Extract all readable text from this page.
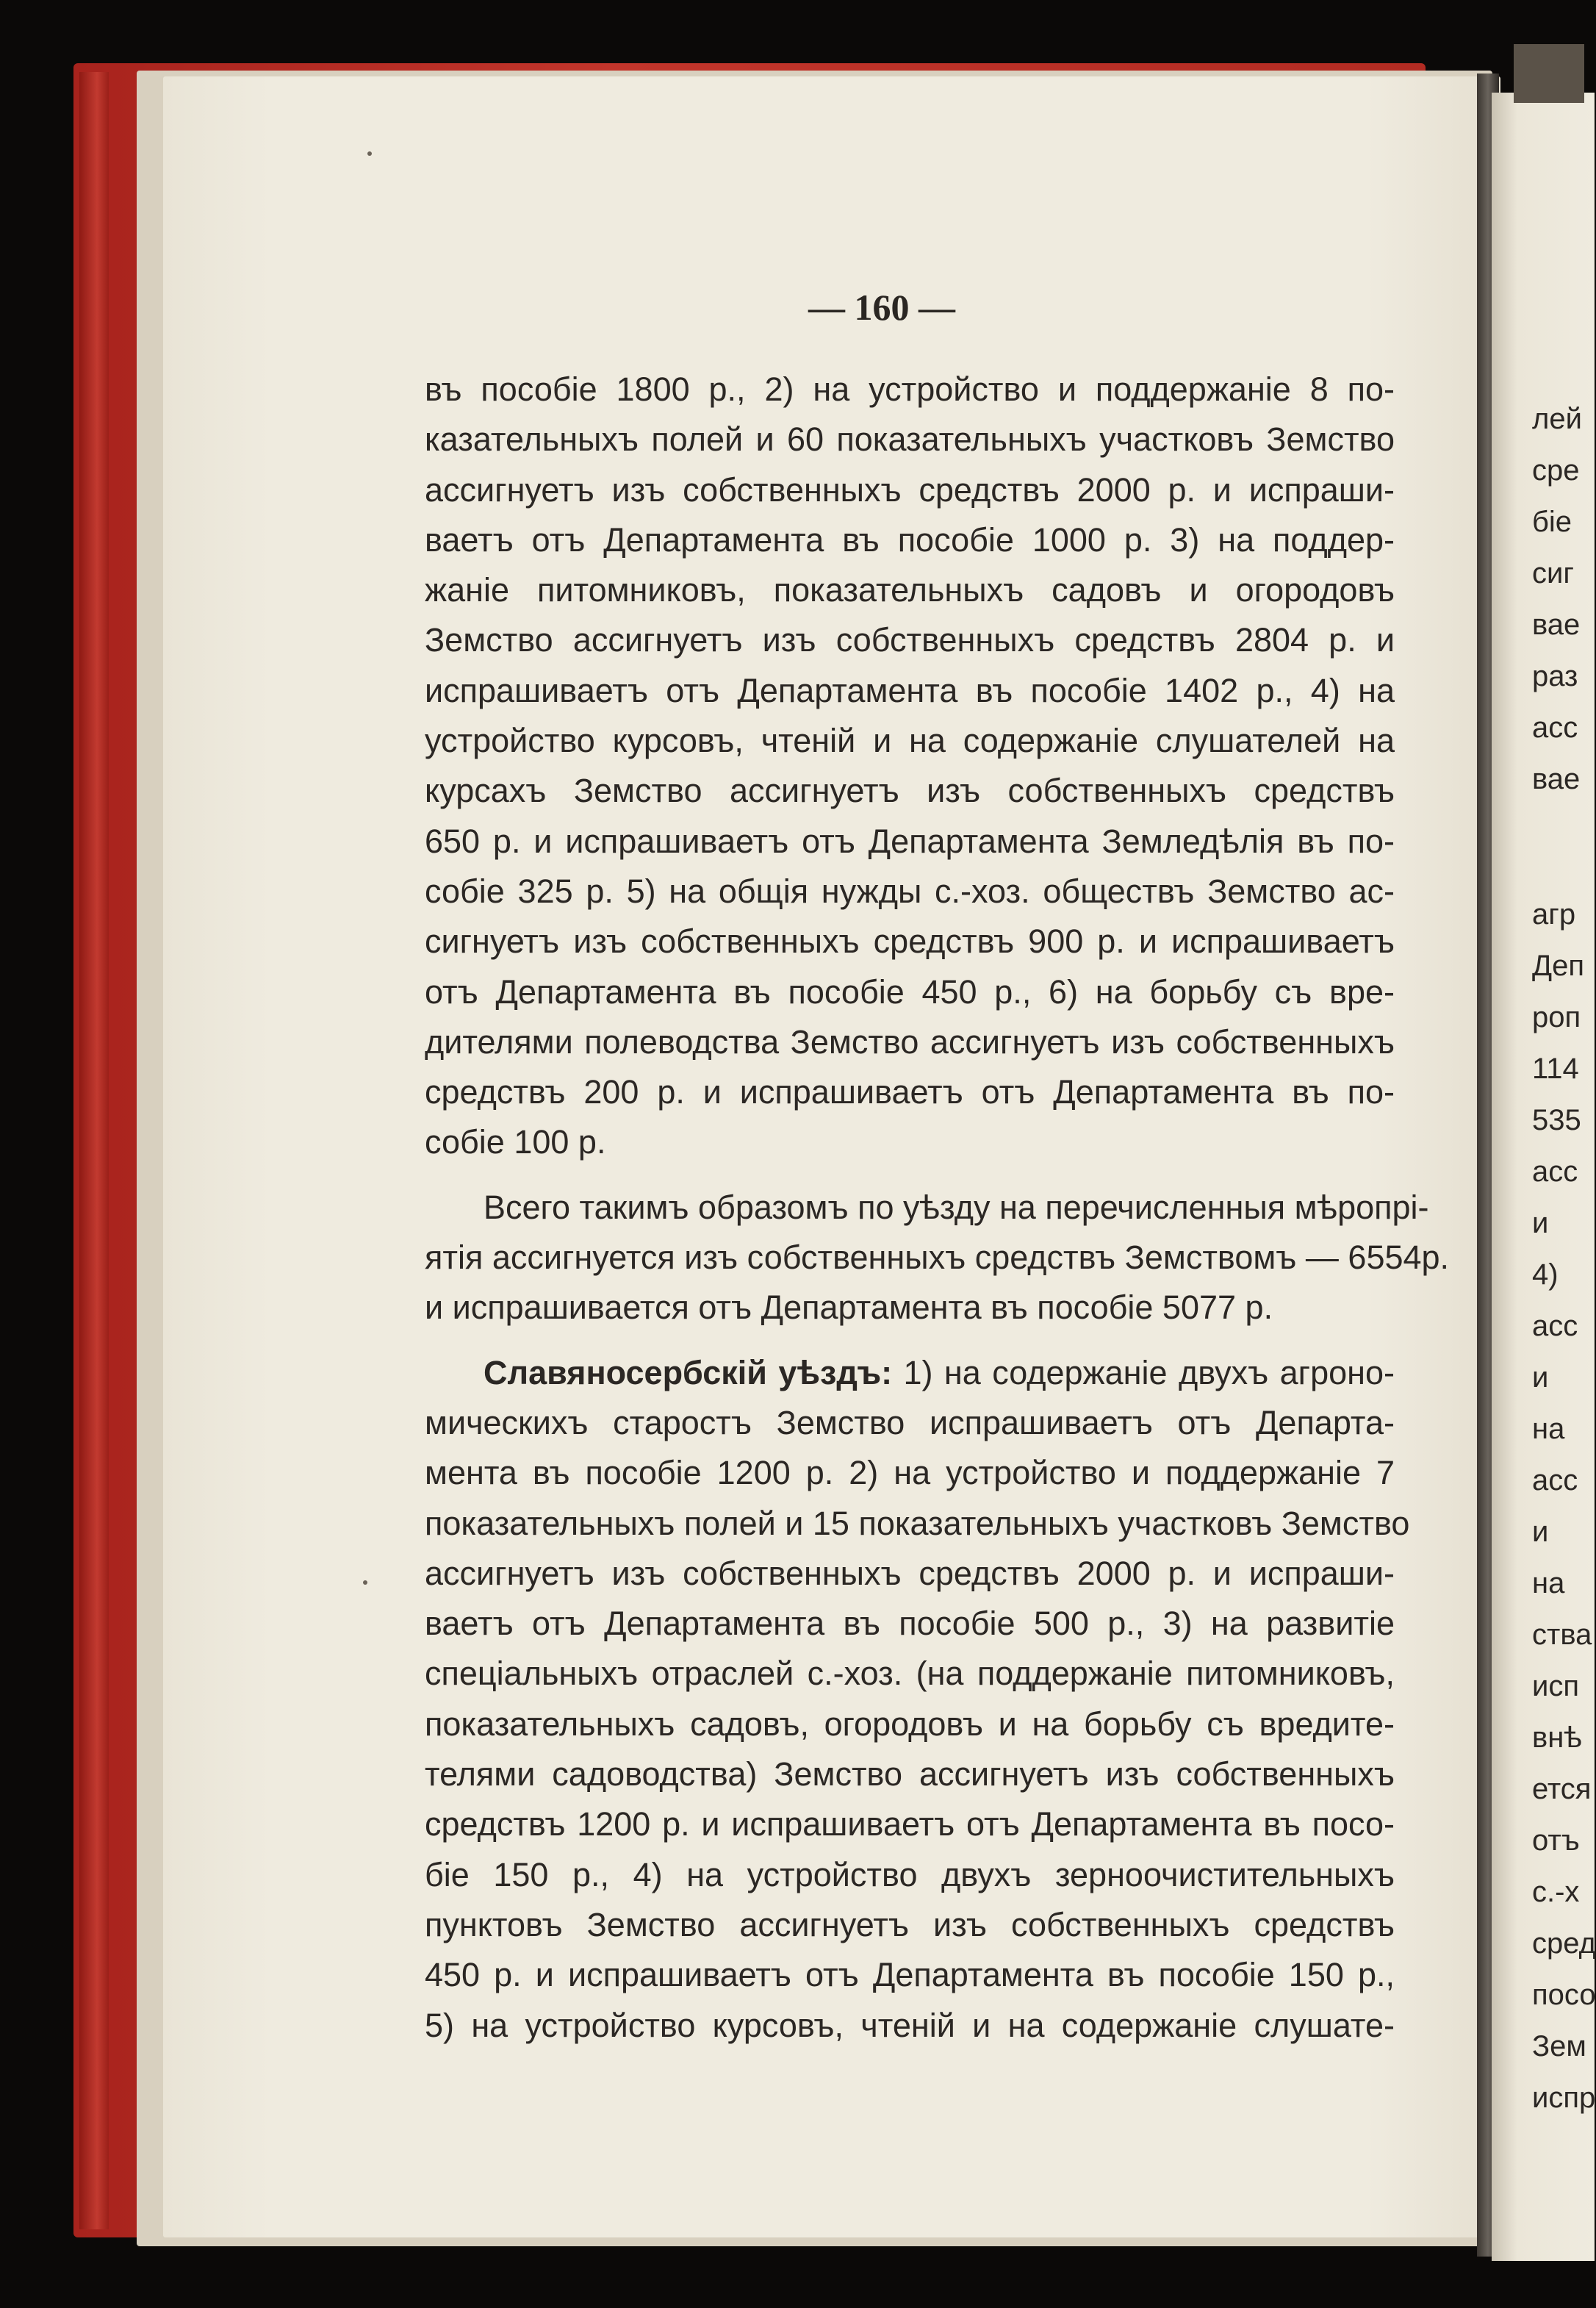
— 160 —
въ пособіе 1800 р., 2) на устройство и поддержаніе 8 по-
казательныхъ полей и 60 показательныхъ участковъ Земство
ассигнуетъ изъ собственныхъ средствъ 2000 р. и испраши-
ваетъ отъ Департамента въ пособіе 1000 р. 3) на поддер-
жаніе питомниковъ, показательныхъ садовъ и огородовъ
Земство ассигнуетъ изъ собственныхъ средствъ 2804 р. и
испрашиваетъ отъ Департамента въ пособіе 1402 р., 4) на
устройство курсовъ, чтеній и на содержаніе слушателей на
курсахъ Земство ассигнуетъ изъ собственныхъ средствъ
650 р. и испрашиваетъ отъ Департамента Земледѣлія въ по-
собіе 325 р. 5) на общія нужды с.-хоз. обществъ Земство ас-
сигнуетъ изъ собственныхъ средствъ 900 р. и испрашиваетъ
отъ Департамента въ пособіе 450 р., 6) на борьбу съ вре-
дителями полеводства Земство ассигнуетъ изъ собственныхъ
средствъ 200 р. и испрашиваетъ отъ Департамента въ по-
собіе 100 р.
Всего такимъ образомъ по уѣзду на перечисленныя мѣропрі-
ятія ассигнуется изъ собственныхъ средствъ Земствомъ — 6554р.
и испрашивается отъ Департамента въ пособіе 5077 р.
Славяносербскій уѣздъ: 1) на содержаніе двухъ агроно-
мическихъ старостъ Земство испрашиваетъ отъ Департа-
мента въ пособіе 1200 р. 2) на устройство и поддержаніе 7
показательныхъ полей и 15 показательныхъ участковъ Земство
ассигнуетъ изъ собственныхъ средствъ 2000 р. и испраши-
ваетъ отъ Департамента въ пособіе 500 р., 3) на развитіе
спеціальныхъ отраслей с.-хоз. (на поддержаніе питомниковъ,
показательныхъ садовъ, огородовъ и на борьбу съ вредите-
телями садоводства) Земство ассигнуетъ изъ собственныхъ
средствъ 1200 р. и испрашиваетъ отъ Департамента въ посо-
біе 150 р., 4) на устройство двухъ зерноочистительныхъ
пунктовъ Земство ассигнуетъ изъ собственныхъ средствъ
450 р. и испрашиваетъ отъ Департамента въ пособіе 150 р.,
5) на устройство курсовъ, чтеній и на содержаніе слушате-
лей
сре
біе
сиг
вае
раз
асс
вае
агр
Деп
роп
114
535
асс
и
4)
асс
и
на
асс
и
на
ства
исп
внѣ
ется
отъ
с.-х
сред
посо
Зем
испр
